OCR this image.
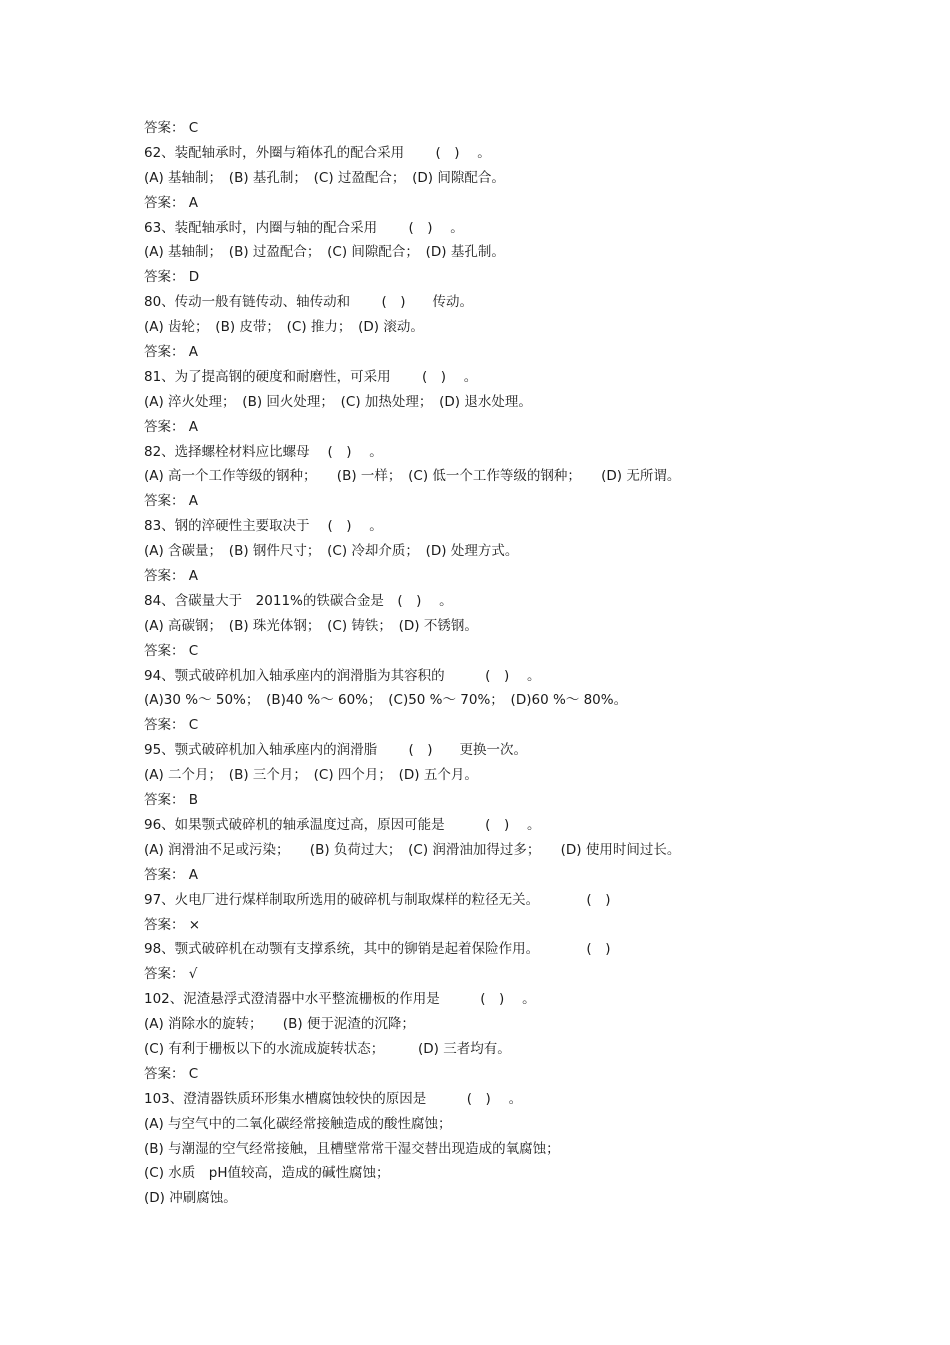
答案： C
62、装配轴承时，外圈与箱体孔的配合采用　　 (　)　 。
(A) 基轴制；　(B) 基孔制；　(C) 过盈配合；　(D) 间隙配合。
答案： A
63、装配轴承时，内圈与轴的配合采用　　 (　)　 。
(A) 基轴制；　(B) 过盈配合；　(C) 间隙配合；　(D) 基孔制。
答案： D
80、传动一般有链传动、轴传动和　　 (　)　　传动。
(A) 齿轮；　(B) 皮带；　(C) 推力；　(D) 滚动。
答案： A
81、为了提高钢的硬度和耐磨性，可采用　　 (　)　 。
(A) 淬火处理；　(B) 回火处理；　(C) 加热处理；　(D) 退水处理。
答案： A
82、选择螺栓材料应比螺母　 (　)　 。
(A) 高一个工作等级的钢种；　　(B) 一样；　(C) 低一个工作等级的钢种；　　(D) 无所谓。
答案： A
83、钢的淬硬性主要取决于　 (　)　 。
(A) 含碳量；　(B) 钢件尺寸；　(C) 冷却介质；　(D) 处理方式。
答案： A
84、含碳量大于　2011%的铁碳合金是　(　)　 。
(A) 高碳钢；　(B) 珠光体钢；　(C) 铸铁；　(D) 不锈钢。
答案： C
94、颚式破碎机加入轴承座内的润滑脂为其容积的　　　(　)　 。
(A)30 %～ 50%；　(B)40 %～ 60%；　(C)50 %～ 70%；　(D)60 %～ 80%。
答案： C
95、颚式破碎机加入轴承座内的润滑脂　　 (　)　　更换一次。
(A) 二个月；　(B) 三个月；　(C) 四个月；　(D) 五个月。
答案： B
96、如果颚式破碎机的轴承温度过高，原因可能是　　　(　)　 。
(A) 润滑油不足或污染；　　(B) 负荷过大；　(C) 润滑油加得过多；　　(D) 使用时间过长。
答案： A
97、火电厂进行煤样制取所选用的破碎机与制取煤样的粒径无关。　　　　(　)
答案： ×
98、颚式破碎机在动颚有支撑系统，其中的铆销是起着保险作用。　　　　(　)
答案： √
102、泥渣悬浮式澄清器中水平整流栅板的作用是　　　(　)　 。
(A) 消除水的旋转；　　(B) 便于泥渣的沉降；
(C) 有利于栅板以下的水流成旋转状态；　　　(D) 三者均有。
答案： C
103、澄清器铁质环形集水槽腐蚀较快的原因是　　　(　)　 。
(A) 与空气中的二氧化碳经常接触造成的酸性腐蚀；
(B) 与潮湿的空气经常接触，且槽壁常常干湿交替出现造成的氧腐蚀；
(C) 水质　pH值较高，造成的碱性腐蚀；
(D) 冲刷腐蚀。
